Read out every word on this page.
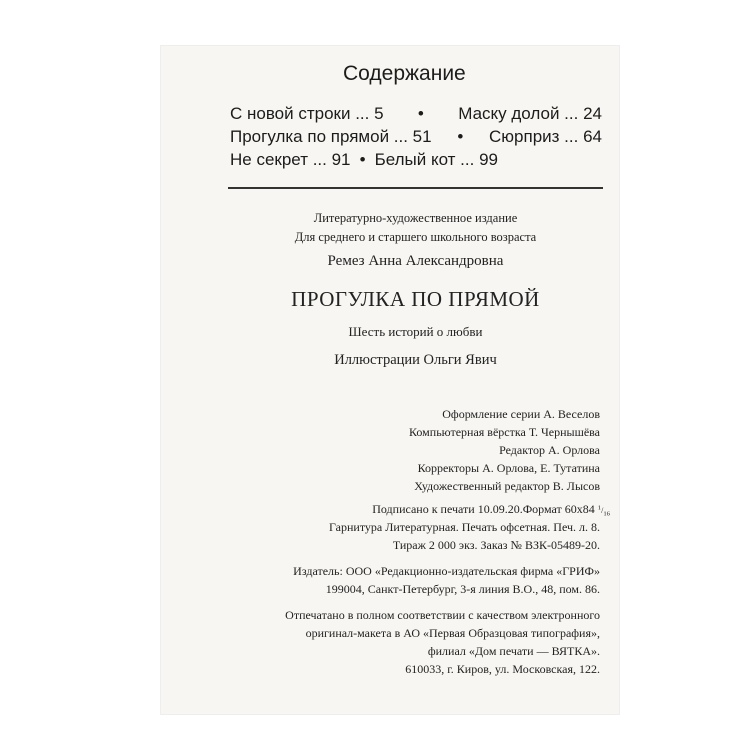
Содержание
С новой строки ... 5 • Маску долой ... 24
Прогулка по прямой ... 51 • Сюрприз ... 64
Не секрет ... 91 • Белый кот ... 99
Литературно-художественное издание
Для среднего и старшего школьного возраста
Ремез Анна Александровна
ПРОГУЛКА ПО ПРЯМОЙ
Шесть историй о любви
Иллюстрации Ольги Явич
Оформление серии А. Веселов
Компьютерная вёрстка Т. Чернышёва
Редактор А. Орлова
Корректоры А. Орлова, Е. Тутатина
Художественный редактор В. Лысов
Подписано к печати 10.09.20.Формат 60х84 $^1/_{16}$
Гарнитура Литературная. Печать офсетная. Печ. л. 8.
Тираж 2 000 экз. Заказ № ВЗК-05489-20.
Издатель: ООО «Редакционно-издательская фирма «ГРИФ»
199004, Санкт-Петербург, 3-я линия В.О., 48, пом. 86.
Отпечатано в полном соответствии с качеством электронного
оригинал-макета в АО «Первая Образцовая типография»,
филиал «Дом печати — ВЯТКА».
610033, г. Киров, ул. Московская, 122.
